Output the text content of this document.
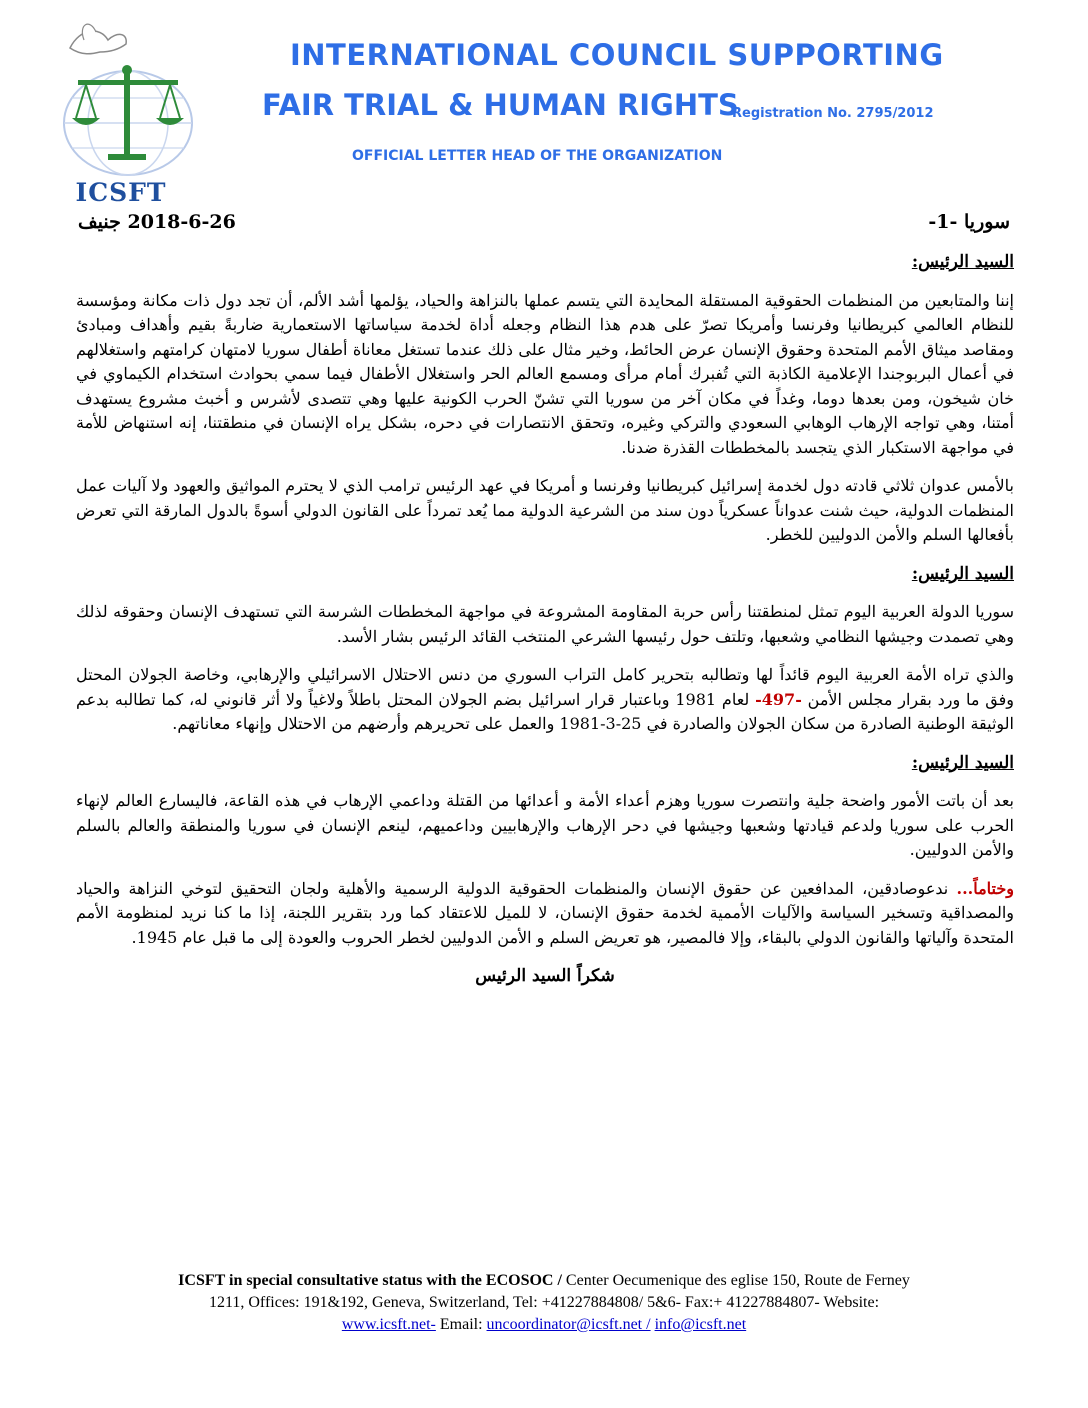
ICSFT
INTERNATIONAL COUNCIL SUPPORTING
FAIR TRIAL & HUMAN RIGHTS
Registration No. 2795/2012
OFFICIAL LETTER HEAD OF THE ORGANIZATION
2018-6-26 جنيف	سوريا -1-

السيد الرئيس:

إننا والمتابعين من المنظمات الحقوقية المستقلة المحايدة التي يتسم عملها بالنزاهة والحياد، يؤلمها أشد الألم، أن تجد دول ذات مكانة ومؤسسة للنظام العالمي كبريطانيا وفرنسا وأمريكا تصرّ على هدم هذا النظام وجعله أداة لخدمة سياساتها الاستعمارية ضاربةً بقيم وأهداف ومبادئ ومقاصد ميثاق الأمم المتحدة وحقوق الإنسان عرض الحائط، وخير مثال على ذلك عندما تستغل معاناة أطفال سوريا لامتهان كرامتهم واستغلالهم في أعمال البربوجندا الإعلامية الكاذبة التي تُفبرك أمام مرأى ومسمع العالم الحر واستغلال الأطفال فيما سمي بحوادث استخدام الكيماوي في خان شيخون، ومن بعدها دوما، وغداً في مكان آخر من سوريا التي تشنّ الحرب الكونية عليها وهي تتصدى لأشرس و أخبث مشروع يستهدف أمتنا، وهي تواجه الإرهاب الوهابي السعودي والتركي وغيره، وتحقق الانتصارات في دحره، بشكل يراه الإنسان في منطقتنا، إنه استنهاض للأمة في مواجهة الاستكبار الذي يتجسد بالمخططات القذرة ضدنا.

بالأمس عدوان ثلاثي قادته دول لخدمة إسرائيل كبريطانيا وفرنسا و أمريكا في عهد الرئيس ترامب الذي لا يحترم المواثيق والعهود ولا آليات عمل المنظمات الدولية، حيث شنت عدواناً عسكرياً دون سند من الشرعية الدولية مما يُعد تمرداً على القانون الدولي أسوةً بالدول المارقة التي تعرض بأفعالها السلم والأمن الدوليين للخطر.

السيد الرئيس:

سوريا الدولة العربية اليوم تمثل لمنطقتنا رأس حربة المقاومة المشروعة في مواجهة المخططات الشرسة التي تستهدف الإنسان وحقوقه لذلك وهي تصمدت وجيشها النظامي وشعبها، وتلتف حول رئيسها الشرعي المنتخب القائد الرئيس بشار الأسد.

والذي تراه الأمة العربية اليوم قائداً لها وتطالبه بتحرير كامل التراب السوري من دنس الاحتلال الاسرائيلي والإرهابي، وخاصة الجولان المحتل وفق ما ورد بقرار مجلس الأمن -497- لعام 1981 وباعتبار قرار اسرائيل بضم الجولان المحتل باطلاً ولاغياً ولا أثر قانوني له، كما تطالبه بدعم الوثيقة الوطنية الصادرة من سكان الجولان والصادرة في 25-3-1981 والعمل على تحريرهم وأرضهم من الاحتلال وإنهاء معاناتهم.

السيد الرئيس:

بعد أن باتت الأمور واضحة جلية وانتصرت سوريا وهزم أعداء الأمة و أعدائها من القتلة وداعمي الإرهاب في هذه القاعة، فاليسارع العالم لإنهاء الحرب على سوريا ولدعم قيادتها وشعبها وجيشها في دحر الإرهاب والإرهابيين وداعميهم، لينعم الإنسان في سوريا والمنطقة والعالم بالسلم والأمن الدوليين.

وختاماً... ندعوصادقين، المدافعين عن حقوق الإنسان والمنظمات الحقوقية الدولية الرسمية والأهلية ولجان التحقيق لتوخي النزاهة والحياد والمصداقية وتسخير السياسة والآليات الأممية لخدمة حقوق الإنسان، لا للميل للاعتقاد كما ورد بتقرير اللجنة، إذا ما كنا نريد لمنظومة الأمم المتحدة وآلياتها والقانون الدولي بالبقاء، وإلا فالمصير، هو تعريض السلم و الأمن الدوليين لخطر الحروب والعودة إلى ما قبل عام 1945.

شكراً السيد الرئيس

ICSFT in special consultative status with the ECOSOC / Center Oecumenique des eglise 150, Route de Ferney
1211, Offices: 191&192, Geneva, Switzerland, Tel: +41227884808/ 5&6- Fax:+ 41227884807- Website:
www.icsft.net- Email: uncoordinator@icsft.net / info@icsft.net
